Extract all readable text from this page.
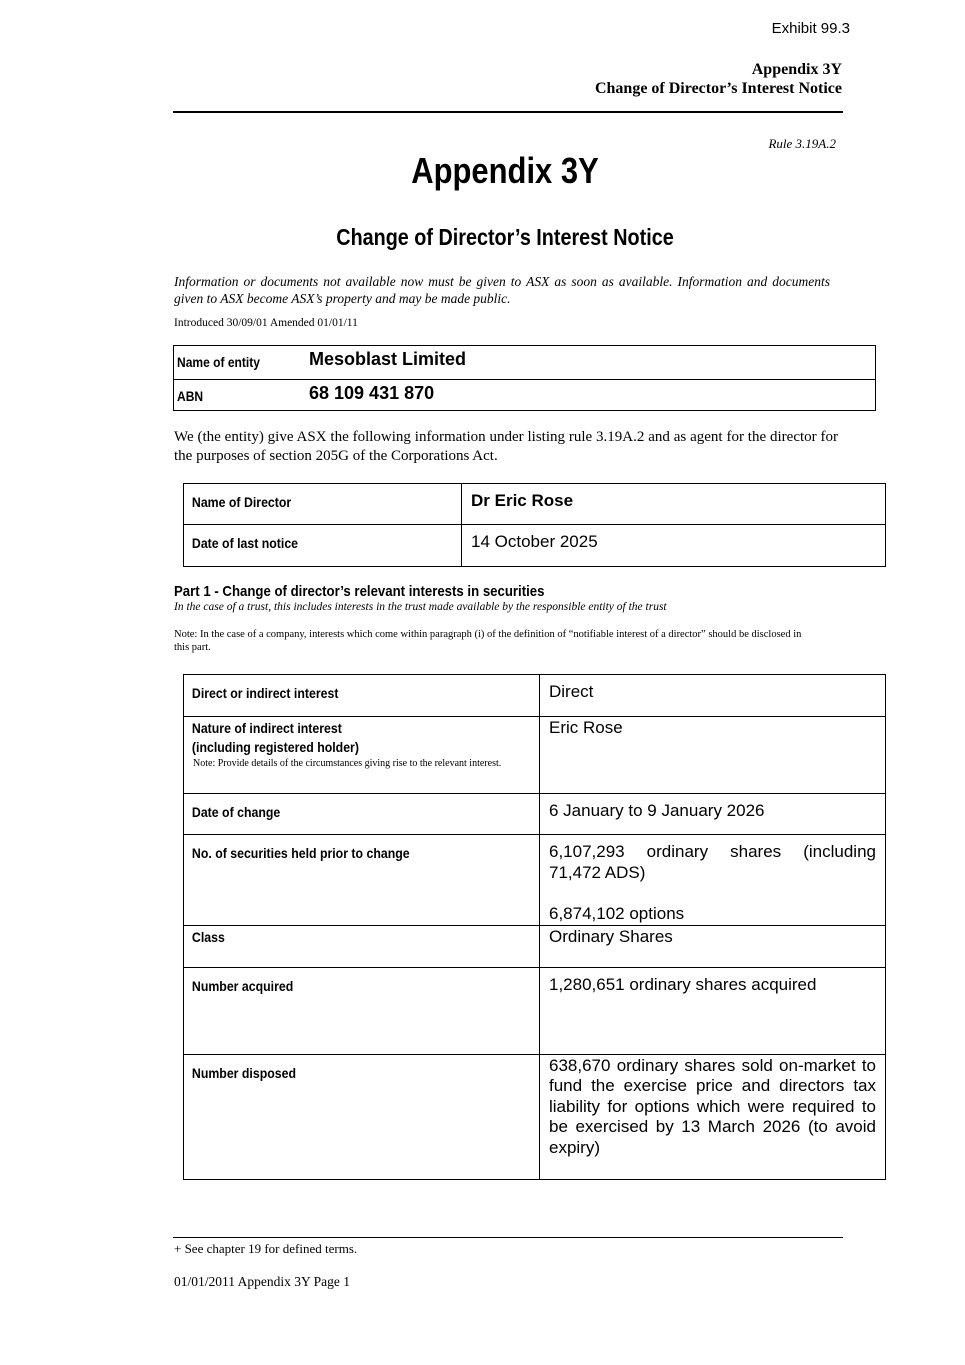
Exhibit 99.3
Appendix 3Y
Change of Director’s Interest Notice
Rule 3.19A.2
Appendix 3Y
Change of Director’s Interest Notice
Information or documents not available now must be given to ASX as soon as available. Information and documents given to ASX become ASX’s property and may be made public.
Introduced 30/09/01 Amended 01/01/11
Name of entity	Mesoblast Limited
ABN	68 109 431 870
We (the entity) give ASX the following information under listing rule 3.19A.2 and as agent for the director for the purposes of section 205G of the Corporations Act.
Name of Director	Dr Eric Rose

Date of last notice	14 October 2025
Part 1 - Change of director’s relevant interests in securities
In the case of a trust, this includes interests in the trust made available by the responsible entity of the trust
Note: In the case of a company, interests which come within paragraph (i) of the definition of “notifiable interest of a director” should be disclosed in this part.
Direct or indirect interest	Direct

Nature of indirect interest
(including registered holder)
Note: Provide details of the circumstances giving rise to the relevant interest.	Eric Rose

Date of change	6 January to 9 January 2026

No. of securities held prior to change	6,107,293 ordinary shares (including 71,472 ADS)
6,874,102 options

Class	Ordinary Shares

Number acquired	1,280,651 ordinary shares acquired

Number disposed	638,670 ordinary shares sold on-market to fund the exercise price and directors tax liability for options which were required to be exercised by 13 March 2026 (to avoid expiry)
+ See chapter 19 for defined terms.
01/01/2011 Appendix 3Y Page 1
